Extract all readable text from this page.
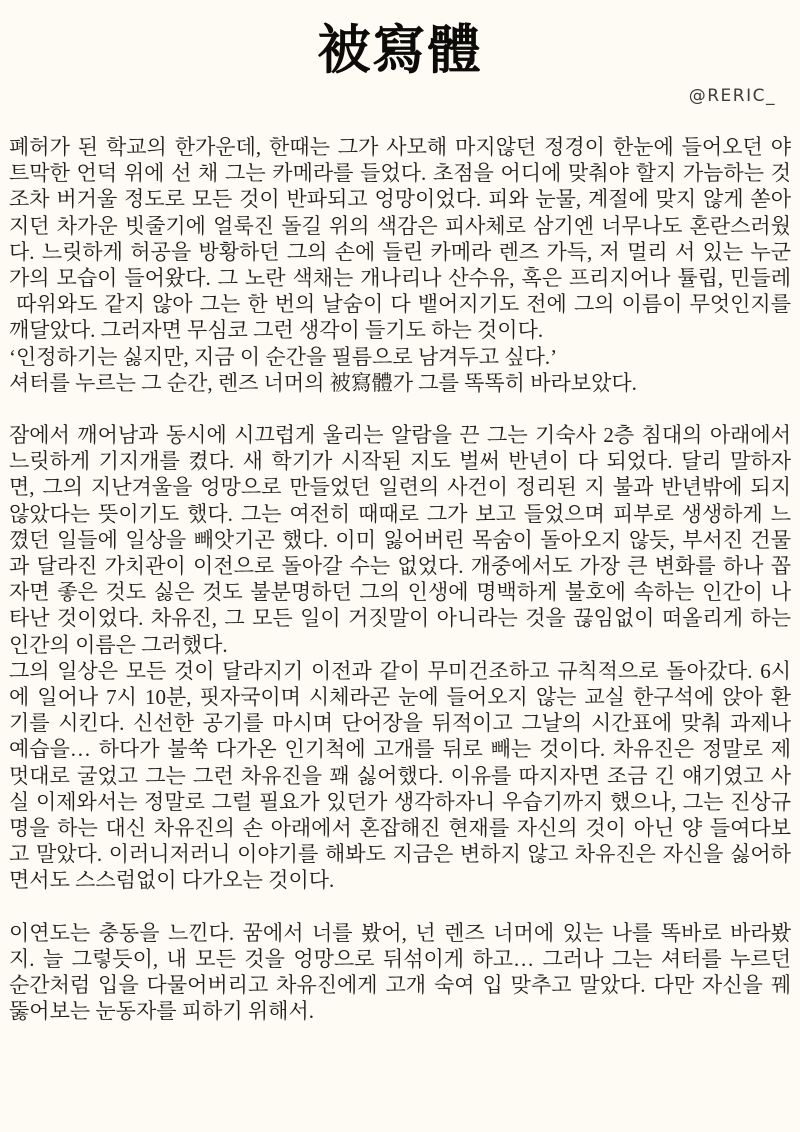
被寫體
@RERIC_
폐허가 된 학교의 한가운데, 한때는 그가 사모해 마지않던 정경이 한눈에 들어오던 야
트막한 언덕 위에 선 채 그는 카메라를 들었다. 초점을 어디에 맞춰야 할지 가늠하는 것
조차 버거울 정도로 모든 것이 반파되고 엉망이었다. 피와 눈물, 계절에 맞지 않게 쏟아
지던 차가운 빗줄기에 얼룩진 돌길 위의 색감은 피사체로 삼기엔 너무나도 혼란스러웠
다. 느릿하게 허공을 방황하던 그의 손에 들린 카메라 렌즈 가득, 저 멀리 서 있는 누군
가의 모습이 들어왔다. 그 노란 색채는 개나리나 산수유, 혹은 프리지어나 튤립, 민들레
따위와도 같지 않아 그는 한 번의 날숨이 다 뱉어지기도 전에 그의 이름이 무엇인지를
깨달았다. 그러자면 무심코 그런 생각이 들기도 하는 것이다.
‘인정하기는 싫지만, 지금 이 순간을 필름으로 남겨두고 싶다.’
셔터를 누르는 그 순간, 렌즈 너머의 被寫體가 그를 똑똑히 바라보았다.
잠에서 깨어남과 동시에 시끄럽게 울리는 알람을 끈 그는 기숙사 2층 침대의 아래에서
느릿하게 기지개를 켰다. 새 학기가 시작된 지도 벌써 반년이 다 되었다. 달리 말하자
면, 그의 지난겨울을 엉망으로 만들었던 일련의 사건이 정리된 지 불과 반년밖에 되지
않았다는 뜻이기도 했다. 그는 여전히 때때로 그가 보고 들었으며 피부로 생생하게 느
꼈던 일들에 일상을 빼앗기곤 했다. 이미 잃어버린 목숨이 돌아오지 않듯, 부서진 건물
과 달라진 가치관이 이전으로 돌아갈 수는 없었다. 개중에서도 가장 큰 변화를 하나 꼽
자면 좋은 것도 싫은 것도 불분명하던 그의 인생에 명백하게 불호에 속하는 인간이 나
타난 것이었다. 차유진, 그 모든 일이 거짓말이 아니라는 것을 끊임없이 떠올리게 하는
인간의 이름은 그러했다.
그의 일상은 모든 것이 달라지기 이전과 같이 무미건조하고 규칙적으로 돌아갔다. 6시
에 일어나 7시 10분, 핏자국이며 시체라곤 눈에 들어오지 않는 교실 한구석에 앉아 환
기를 시킨다. 신선한 공기를 마시며 단어장을 뒤적이고 그날의 시간표에 맞춰 과제나
예습을… 하다가 불쑥 다가온 인기척에 고개를 뒤로 빼는 것이다. 차유진은 정말로 제
멋대로 굴었고 그는 그런 차유진을 꽤 싫어했다. 이유를 따지자면 조금 긴 얘기였고 사
실 이제와서는 정말로 그럴 필요가 있던가 생각하자니 우습기까지 했으나, 그는 진상규
명을 하는 대신 차유진의 손 아래에서 혼잡해진 현재를 자신의 것이 아닌 양 들여다보
고 말았다. 이러니저러니 이야기를 해봐도 지금은 변하지 않고 차유진은 자신을 싫어하
면서도 스스럼없이 다가오는 것이다.
이연도는 충동을 느낀다. 꿈에서 너를 봤어, 넌 렌즈 너머에 있는 나를 똑바로 바라봤
지. 늘 그렇듯이, 내 모든 것을 엉망으로 뒤섞이게 하고… 그러나 그는 셔터를 누르던
순간처럼 입을 다물어버리고 차유진에게 고개 숙여 입 맞추고 말았다. 다만 자신을 꿰
뚫어보는 눈동자를 피하기 위해서.
